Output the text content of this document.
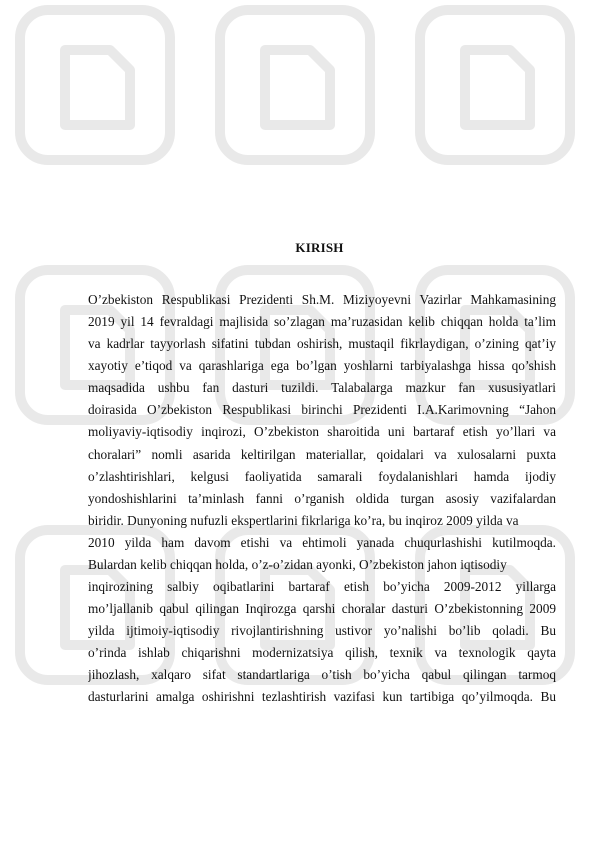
KIRISH
O’zbekiston Respublikasi Prezidenti Sh.M. Miziyoyevni Vazirlar Mahkamasining
2019 yil 14 fevraldagi majlisida so’zlagan ma’ruzasidan kelib chiqqan holda ta’lim
va kadrlar tayyorlash sifatini tubdan oshirish, mustaqil fikrlaydigan, o’zining qat’iy
xayotiy e’tiqod va qarashlariga ega bo’lgan yoshlarni tarbiyalashga hissa qo’shish
maqsadida ushbu fan dasturi tuzildi. Talabalarga mazkur fan xususiyatlari
doirasida O’zbekiston Respublikasi birinchi Prezidenti I.A.Karimovning “Jahon
moliyaviy-iqtisodiy inqirozi, O’zbekiston sharoitida uni bartaraf etish yo’llari va
choralari” nomli asarida keltirilgan materiallar, qoidalari va xulosalarni puxta
o’zlashtirishlari, kelgusi faoliyatida samarali foydalanishlari hamda ijodiy
yondoshishlarini ta’minlash fanni o’rganish oldida turgan asosiy vazifalardan
biridir. Dunyoning nufuzli ekspertlarini fikrlariga ko’ra, bu inqiroz 2009 yilda va
2010 yilda ham davom etishi va ehtimoli yanada chuqurlashishi kutilmoqda.
Bulardan kelib chiqqan holda, o’z-o’zidan ayonki, O’zbekiston jahon iqtisodiy
inqirozining salbiy oqibatlarini bartaraf etish bo’yicha 2009-2012 yillarga
mo’ljallanib qabul qilingan Inqirozga qarshi choralar dasturi O’zbekistonning 2009
yilda ijtimoiy-iqtisodiy rivojlantirishning ustivor yo’nalishi bo’lib qoladi. Bu
o’rinda ishlab chiqarishni modernizatsiya qilish, texnik va texnologik qayta
jihozlash, xalqaro sifat standartlariga o’tish bo’yicha qabul qilingan tarmoq
dasturlarini amalga oshirishni tezlashtirish vazifasi kun tartibiga qo’yilmoqda. Bu
